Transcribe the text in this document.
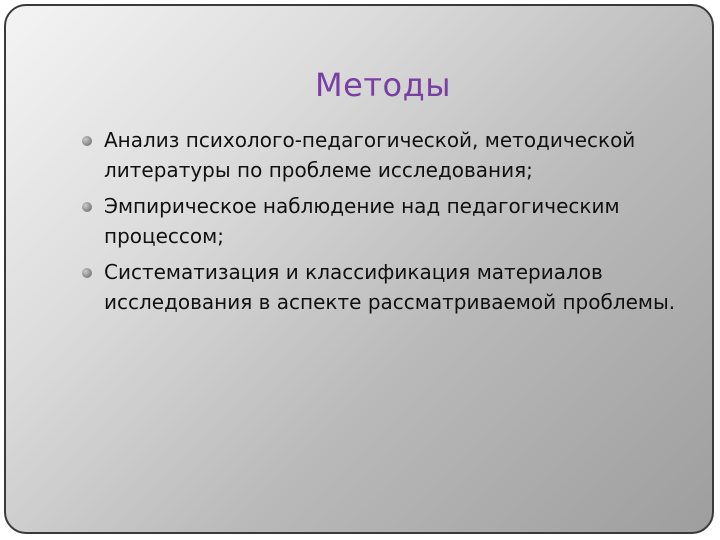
Методы
Анализ психолого-педагогической, методической литературы по проблеме исследования;
Эмпирическое наблюдение над педагогическим процессом;
Систематизация и классификация материалов исследования в аспекте рассматриваемой проблемы.
